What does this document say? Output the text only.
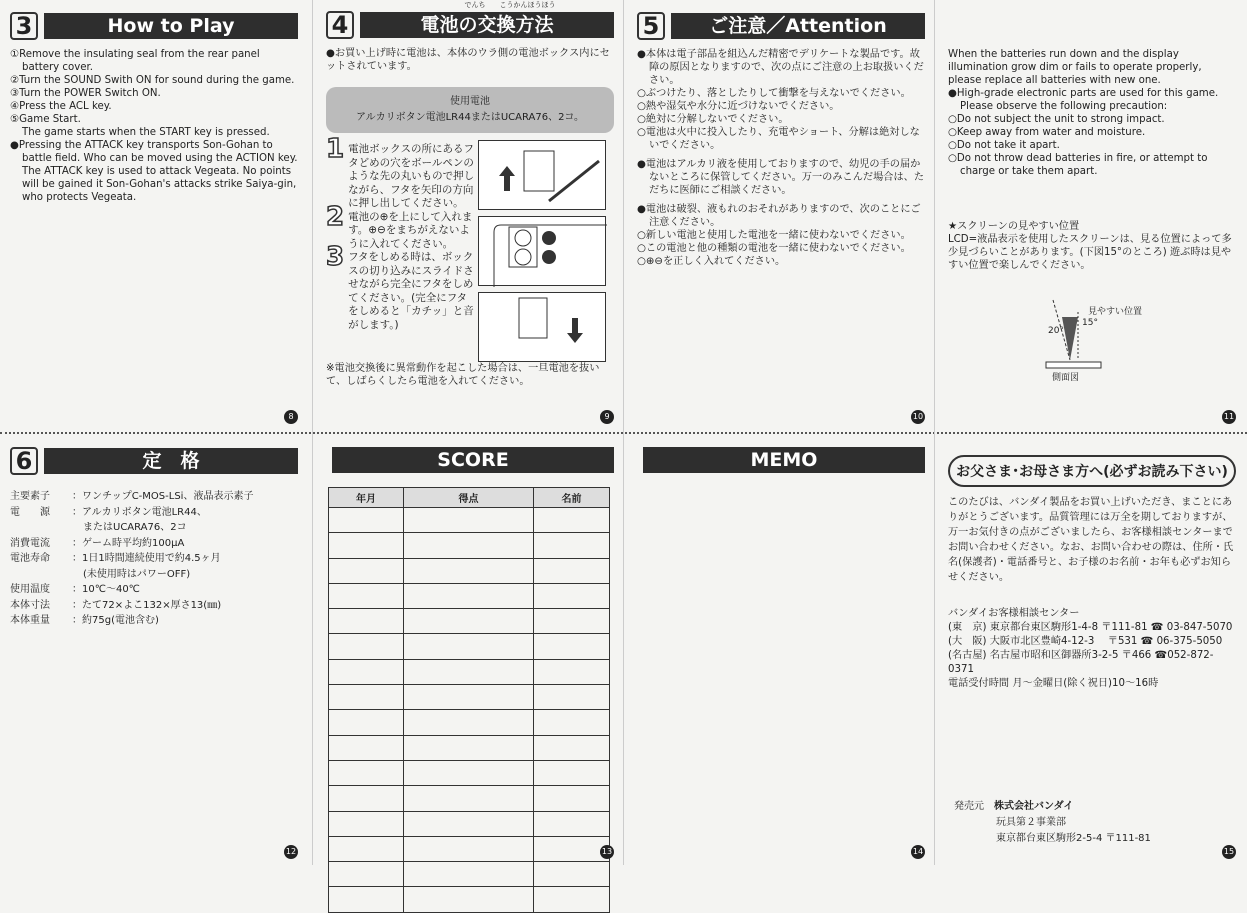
3	How to Play

①Remove the insulating seal from the rear panel battery cover.

②Turn the SOUND Swith ON for sound during the game.

③Turn the POWER Switch ON.

④Press the ACL key.

⑤Game Start.

The game starts when the START key is pressed.

●Pressing the ATTACK key transports Son-Gohan to battle field. Who can be moved using the ACTION key. The ATTACK key is used to attack Vegeata. No points will be gained it Son-Gohan's attacks strike Saiya-gin, who protects Vegeata.

8
でんち　　こうかんほうほう
4	電池の交換方法
●お買い上げ時に電池は、本体のウラ側の電池ボックス内にセットされています。
使用電池
アルカリボタン電池LR44またはUCARA76、2コ。
1 電池ボックスの所にあるフタどめの穴をボールペンのような先の丸いもので押しながら、フタを矢印の方向に押し出してください。
2 電池の⊕を上にして入れます。⊕⊖をまちがえないように入れてください。
3 フタをしめる時は、ボックスの切り込みにスライドさせながら完全にフタをしめてください。(完全にフタをしめると「カチッ」と音がします。)
※電池交換後に異常動作を起こした場合は、一旦電池を抜いて、しばらくしたら電池を入れてください。
9
5	ご注意／Attention

●本体は電子部品を組込んだ精密でデリケートな製品です。故障の原因となりますので、次の点にご注意の上お取扱いください。

○ぶつけたり、落としたりして衝撃を与えないでください。

○熱や湿気や水分に近づけないでください。

○絶対に分解しないでください。

○電池は火中に投入したり、充電やショート、分解は絶対しないでください。

●電池はアルカリ液を使用しておりますので、幼児の手の届かないところに保管してください。万一のみこんだ場合は、ただちに医師にご相談ください。

●電池は破裂、液もれのおそれがありますので、次のことにご注意ください。

○新しい電池と使用した電池を一緒に使わないでください。

○この電池と他の種類の電池を一緒に使わないでください。

○⊕⊖を正しく入れてください。

10

When the batteries run down and the display illumination grow dim or fails to operate properly, please replace all batteries with new one.

●High-grade electronic parts are used for this game. Please observe the following precaution:

○Do not subject the unit to strong impact.

○Keep away from water and moisture.

○Do not take it apart.

○Do not throw dead batteries in fire, or attempt to charge or take them apart.

★スクリーンの見やすい位置
LCD=液晶表示を使用したスクリーンは、見る位置によって多少見づらいことがあります。(下図15°のところ) 遊ぶ時は見やすい位置で楽しんでください。
見やすい位置
20°
15°
側面図
11
6	定　格
主要素子	： ワンチップC-MOS-LSi、液晶表示素子
電　　源	： アルカリボタン電池LR44、
またはUCARA76、2コ
消費電流	： ゲーム時平均約100μA
電池寿命	： 1日1時間連続使用で約4.5ヶ月
(未使用時はパワーOFF)
使用温度	： 10℃〜40℃
本体寸法	： たて72×よこ132×厚さ13(㎜)
本体重量	： 約75g(電池含む)
12
SCORE
年月	得点	名前

13
MEMO
14
お父さま･お母さま方へ(必ずお読み下さい)
このたびは、バンダイ製品をお買い上げいただき、まことにありがとうございます。品質管理には万全を期しておりますが、万一お気付きの点がございましたら、お客様相談センターまでお問い合わせください。なお、お問い合わせの際は、住所・氏名(保護者)・電話番号と、お子様のお名前・お年も必ずお知らせください。
バンダイお客様相談センター
(東　京) 東京都台東区駒形1-4-8 〒111-81 ☎ 03-847-5070
(大　阪) 大阪市北区豊崎4-12-3 　〒531 ☎ 06-375-5050
(名古屋) 名古屋市昭和区御器所3-2-5 〒466 ☎052-872-0371
電話受付時間 月〜金曜日(除く祝日)10〜16時
発売元　 株式会社バンダイ
玩具第２事業部
東京都台東区駒形2-5-4 〒111-81
15
